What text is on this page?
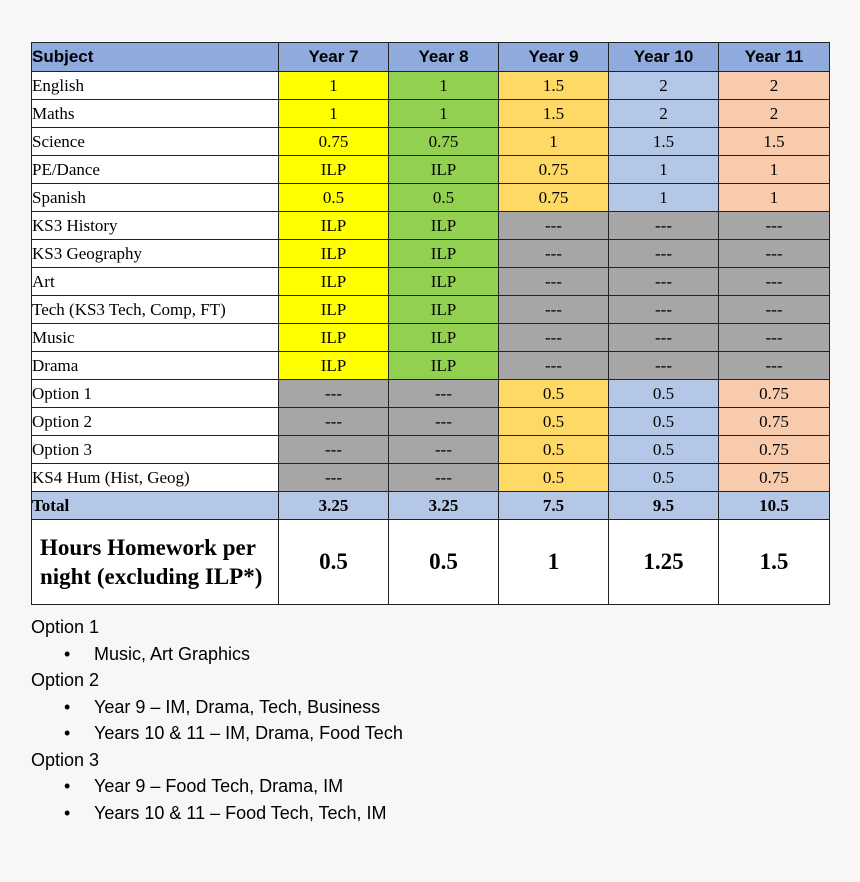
Subject	Year 7	Year 8	Year 9	Year 10	Year 11
English	1	1	1.5	2	2
Maths	1	1	1.5	2	2
Science	0.75	0.75	1	1.5	1.5
PE/Dance	ILP	ILP	0.75	1	1
Spanish	0.5	0.5	0.75	1	1
KS3 History	ILP	ILP	---	---	---
KS3 Geography	ILP	ILP	---	---	---
Art	ILP	ILP	---	---	---
Tech (KS3 Tech, Comp, FT)	ILP	ILP	---	---	---
Music	ILP	ILP	---	---	---
Drama	ILP	ILP	---	---	---
Option 1	---	---	0.5	0.5	0.75
Option 2	---	---	0.5	0.5	0.75
Option 3	---	---	0.5	0.5	0.75
KS4 Hum (Hist, Geog)	---	---	0.5	0.5	0.75
Total	3.25	3.25	7.5	9.5	10.5
Hours Homework per night (excluding ILP*)	0.5	0.5	1	1.25	1.5
Option 1
• Music, Art Graphics
Option 2
• Year 9 – IM, Drama, Tech, Business
• Years 10 & 11 – IM, Drama, Food Tech
Option 3
• Year 9 – Food Tech, Drama, IM
• Years 10 & 11 – Food Tech, Tech, IM
